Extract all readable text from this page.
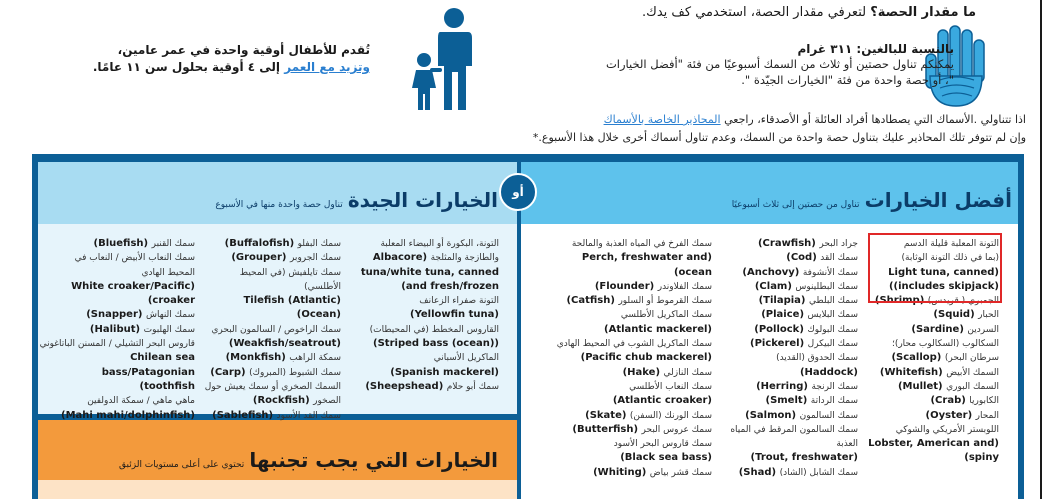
ما مقدار الحصة؟ لتعرفي مقدار الحصة، استخدمي كف يدك.
بالنسبة للبالغين: ٣١١ غرام
يمكنكم تناول حصتين أو ثلاث من السمك أسبوعيًا من فئة "أفضل الخيارات
"، أو حصة واحدة من فئة "الخيارات الجيّدة ".
تُقدم للأطفال أوقية واحدة في عمر عامين،
وتزيد مع العمر إلى ٤ أوقية بحلول سن ١١ عامًا.
اذا تتناولي .الأسماك التي يصطادها أفراد العائلة أو الأصدقاء، راجعي المحاذير الخاصة بالأسماك
وإن لم تتوفر تلك المحاذير عليك بتناول حصة واحدة من السمك، وعدم تناول أسماك أخرى خلال هذا الأسبوع.*
أفضل الخيارات تناول من حصتين إلى ثلاث أسبوعيًا
أو
الخيارات الجيدة تناول حصة واحدة منها في الأسبوع
الخيارات التي يجب تجنبها تحتوي على أعلى مستويات الزئبق
التونة المعلبة قليلة الدسم
(بما في ذلك التونة الوثابة)
(Light tuna, canned
(includes skipjack))
الجمبري ( قريدس) (Shrimp)
الحبار (Squid)
السردين (Sardine)
السكالوب (السكالوب محار)؛
سرطان البحر) (Scallop)
السمك الأبيض (Whitefish)
السمك البوري (Mullet)
الكابوريا (Crab)
المحار (Oyster)
اللوبستر الأمريكي والشوكي
(Lobster, American and
spiny)
جراد البحر (Crawfish)
سمك القد (Cod)
سمك الأنشوفة (Anchovy)
سمك البطلينوس (Clam)
سمك البلطي (Tilapia)
سمك البلايس (Plaice)
سمك البولوك (Pollock)
سمك البيكرل (Pickerel)
سمك الحدوق (القديد) (Haddock)
سمك الرنجة (Herring)
سمك الرداتة (Smelt)
سمك السالمون (Salmon)
سمك السالمون المرقط في المياه العذبة
(Trout, freshwater)
سمك الشابل (الشاد) (Shad)
سمك الفرخ في المياه العذبة والمالحة
(Perch, freshwater and ocean)
سمك الفلاوندر (Flounder)
سمك القرموط أو السلور (Catfish)
سمك الماكريل الأطلسي
(Atlantic mackerel)
سمك الماكريل الشوب في المحيط الهادي
(Pacific chub mackerel)
سمك النازلي (Hake)
سمك النعاب الأطلسي
(Atlantic croaker)
سمك الورنك (السفن) (Skate)
سمك عروس البحر (Butterfish)
سمك قاروس البحر الأسود
(Black sea bass)
سمك قشر بياض (Whiting)
التونة، البكورة أو البيضاء المعلبة
والطازجة والمثلجة (Albacore
tuna/white tuna, canned
and fresh/frozen)
التونة صفراء الزعانف
(Yellowfin tuna)
القاروس المخطط (في المحيطات)
(Striped bass (ocean))
الماكريل الأسباني
(Spanish mackerel)
سمك أبو حلام (Sheepshead)
سمك البفلو (Buffalofish)
سمك الجروبر (Grouper)
سمك تايلفيش (في المحيط الأطلسي)
(Tilefish (Atlantic Ocean))
سمك الراخوص / السالمون البحري
(Weakfish/seatrout)
سمكة الراهب (Monkfish)
سمك الشبوط (المبروك) (Carp)
السمك الصخري أو سمك يعيش حول
الصخور (Rockfish)
سمك القد الأسود (Sablefish)
سمك القنبر (Bluefish)
سمك النعاب الأبيض / النعاب في
المحيط الهادي
(White croaker/Pacific croaker)
سمك النهاش (Snapper)
سمك الهلبوت (Halibut)
قاروس البحر التشيلي / المسنن الباتاغوني
Chilean sea bass/Patagonian
toothfish)
ماهي ماهي / سمكة الدولفين
(Mahi mahi/dolphinfish)
